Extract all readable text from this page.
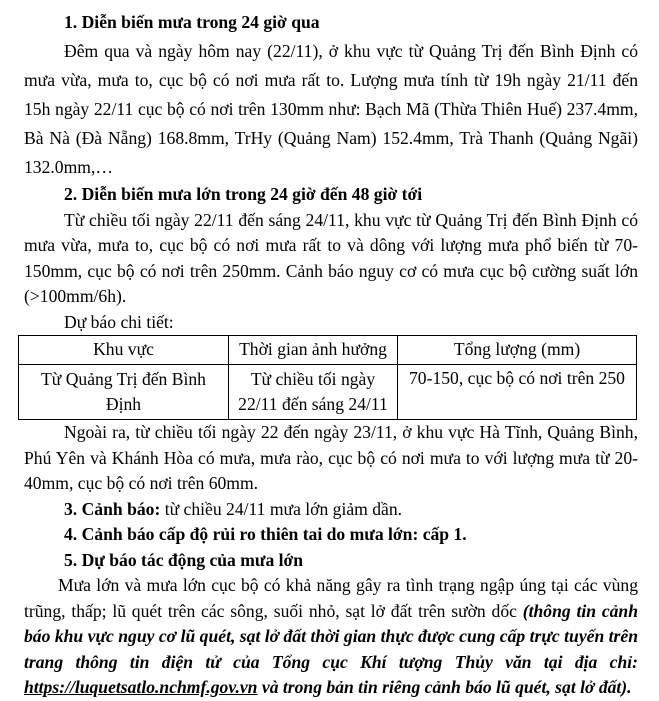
1. Diễn biến mưa trong 24 giờ qua

Đêm qua và ngày hôm nay (22/11), ở khu vực từ Quảng Trị đến Bình Định có mưa vừa, mưa to, cục bộ có nơi mưa rất to. Lượng mưa tính từ 19h ngày 21/11 đến 15h ngày 22/11 cục bộ có nơi trên 130mm như: Bạch Mã (Thừa Thiên Huế) 237.4mm, Bà Nà (Đà Nẵng) 168.8mm, TrHy (Quảng Nam) 152.4mm, Trà Thanh (Quảng Ngãi) 132.0mm,…

2. Diễn biến mưa lớn trong 24 giờ đến 48 giờ tới

Từ chiều tối ngày 22/11 đến sáng 24/11, khu vực từ Quảng Trị đến Bình Định có mưa vừa, mưa to, cục bộ có nơi mưa rất to và dông với lượng mưa phổ biến từ 70-150mm, cục bộ có nơi trên 250mm. Cảnh báo nguy cơ có mưa cục bộ cường suất lớn (>100mm/6h).

Dự báo chi tiết:

Khu vực	Thời gian ảnh hưởng	Tổng lượng (mm)
Từ Quảng Trị đến Bình Định	Từ chiều tối ngày 22/11 đến sáng 24/11	70-150, cục bộ có nơi trên 250

Ngoài ra, từ chiều tối ngày 22 đến ngày 23/11, ở khu vực Hà Tĩnh, Quảng Bình, Phú Yên và Khánh Hòa có mưa, mưa rào, cục bộ có nơi mưa to với lượng mưa từ 20-40mm, cục bộ có nơi trên 60mm.

3. Cảnh báo: từ chiều 24/11 mưa lớn giảm dần.

4. Cảnh báo cấp độ rủi ro thiên tai do mưa lớn: cấp 1.

5. Dự báo tác động của mưa lớn

Mưa lớn và mưa lớn cục bộ có khả năng gây ra tình trạng ngập úng tại các vùng trũng, thấp; lũ quét trên các sông, suối nhỏ, sạt lở đất trên sườn dốc (thông tin cảnh báo khu vực nguy cơ lũ quét, sạt lở đất thời gian thực được cung cấp trực tuyến trên trang thông tin điện tử của Tổng cục Khí tượng Thủy văn tại địa chỉ: https://luquetsatlo.nchmf.gov.vn và trong bản tin riêng cảnh báo lũ quét, sạt lở đất).
